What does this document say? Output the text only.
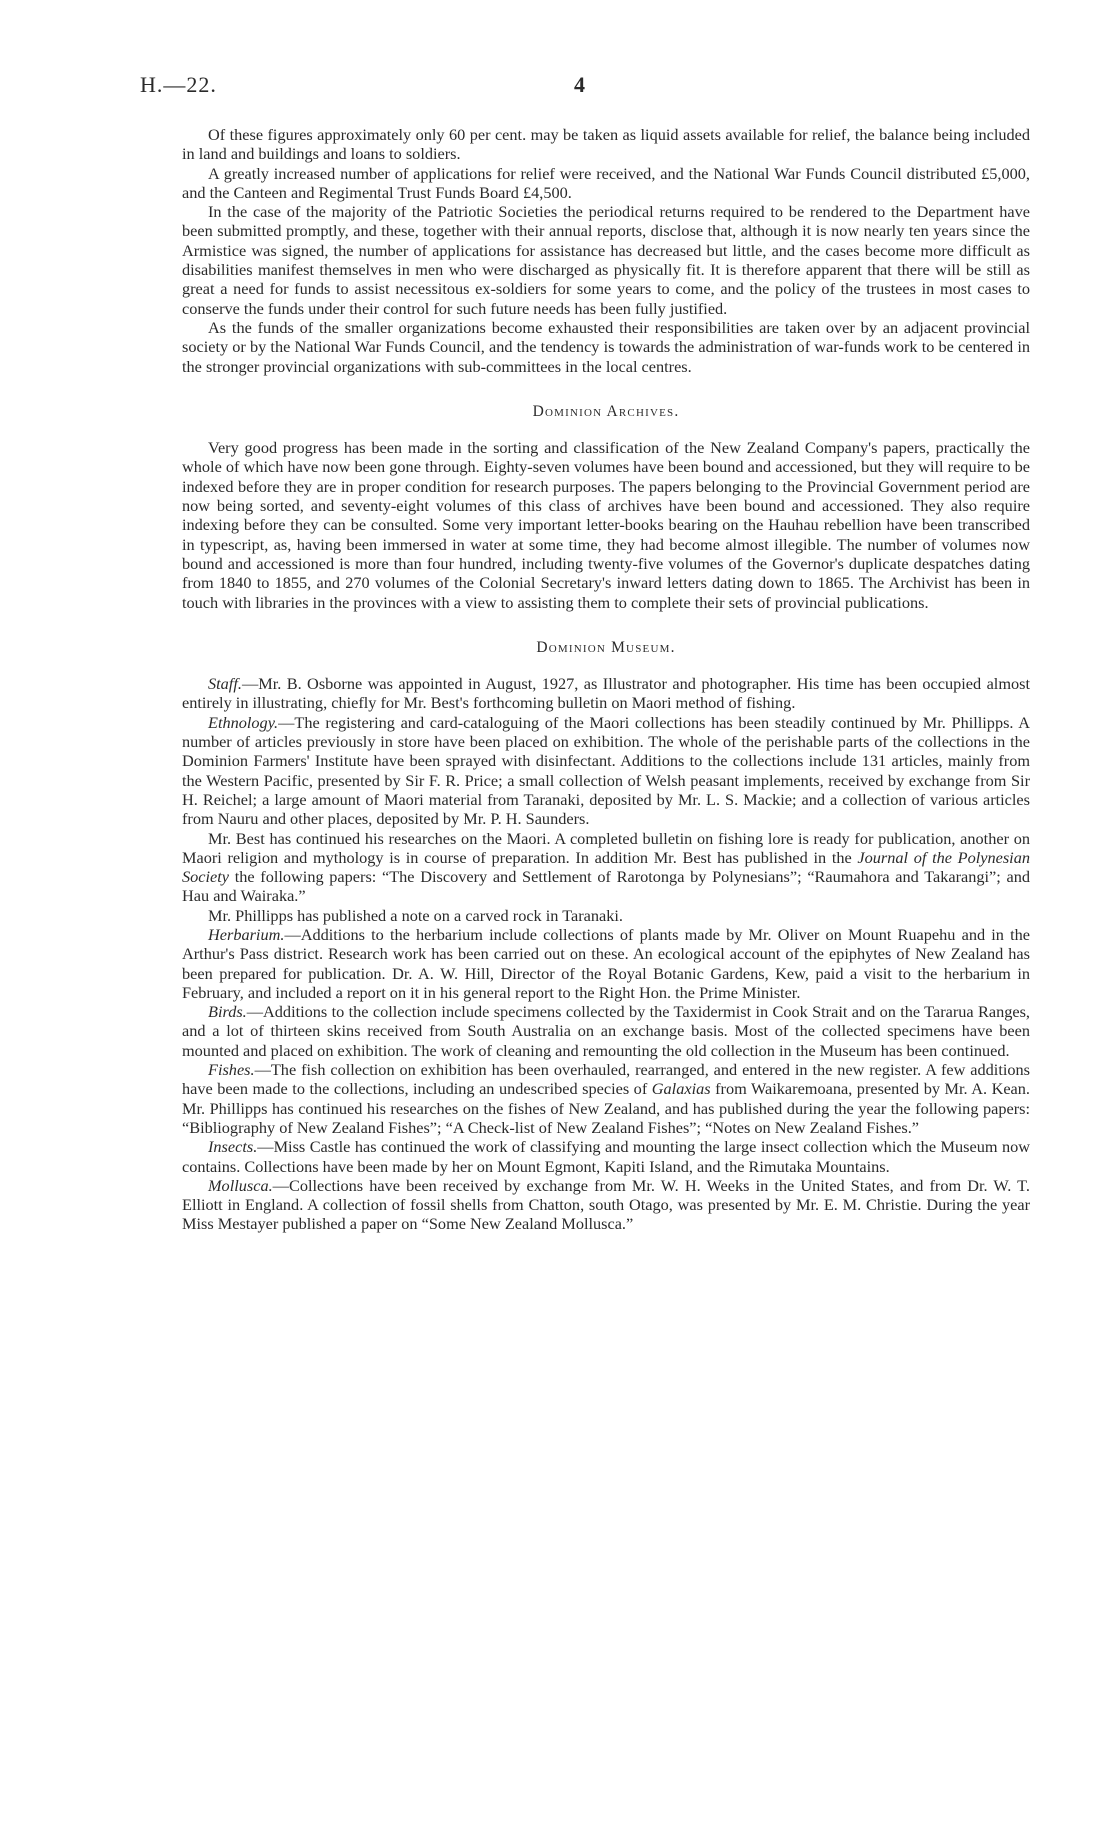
H.—22.	4

Of these figures approximately only 60 per cent. may be taken as liquid assets available for relief, the balance being included in land and buildings and loans to soldiers.

A greatly increased number of applications for relief were received, and the National War Funds Council distributed £5,000, and the Canteen and Regimental Trust Funds Board £4,500.

In the case of the majority of the Patriotic Societies the periodical returns required to be rendered to the Department have been submitted promptly, and these, together with their annual reports, disclose that, although it is now nearly ten years since the Armistice was signed, the number of applications for assistance has decreased but little, and the cases become more difficult as disabilities manifest themselves in men who were discharged as physically fit. It is therefore apparent that there will be still as great a need for funds to assist necessitous ex-soldiers for some years to come, and the policy of the trustees in most cases to conserve the funds under their control for such future needs has been fully justified.

As the funds of the smaller organizations become exhausted their responsibilities are taken over by an adjacent provincial society or by the National War Funds Council, and the tendency is towards the administration of war-funds work to be centered in the stronger provincial organizations with sub-committees in the local centres.

Dominion Archives.

Very good progress has been made in the sorting and classification of the New Zealand Company's papers, practically the whole of which have now been gone through. Eighty-seven volumes have been bound and accessioned, but they will require to be indexed before they are in proper condition for research purposes. The papers belonging to the Provincial Government period are now being sorted, and seventy-eight volumes of this class of archives have been bound and accessioned. They also require indexing before they can be consulted. Some very important letter-books bearing on the Hauhau rebellion have been transcribed in typescript, as, having been immersed in water at some time, they had become almost illegible. The number of volumes now bound and accessioned is more than four hundred, including twenty-five volumes of the Governor's duplicate despatches dating from 1840 to 1855, and 270 volumes of the Colonial Secretary's inward letters dating down to 1865. The Archivist has been in touch with libraries in the provinces with a view to assisting them to complete their sets of provincial publications.

Dominion Museum.

Staff.—Mr. B. Osborne was appointed in August, 1927, as Illustrator and photographer. His time has been occupied almost entirely in illustrating, chiefly for Mr. Best's forthcoming bulletin on Maori method of fishing.

Ethnology.—The registering and card-cataloguing of the Maori collections has been steadily continued by Mr. Phillipps. A number of articles previously in store have been placed on exhibition. The whole of the perishable parts of the collections in the Dominion Farmers' Institute have been sprayed with disinfectant. Additions to the collections include 131 articles, mainly from the Western Pacific, presented by Sir F. R. Price; a small collection of Welsh peasant implements, received by exchange from Sir H. Reichel; a large amount of Maori material from Taranaki, deposited by Mr. L. S. Mackie; and a collection of various articles from Nauru and other places, deposited by Mr. P. H. Saunders.

Mr. Best has continued his researches on the Maori. A completed bulletin on fishing lore is ready for publication, another on Maori religion and mythology is in course of preparation. In addition Mr. Best has published in the Journal of the Polynesian Society the following papers: “The Discovery and Settlement of Rarotonga by Polynesians”; “Raumahora and Takarangi”; and Hau and Wairaka.”

Mr. Phillipps has published a note on a carved rock in Taranaki.

Herbarium.—Additions to the herbarium include collections of plants made by Mr. Oliver on Mount Ruapehu and in the Arthur's Pass district. Research work has been carried out on these. An ecological account of the epiphytes of New Zealand has been prepared for publication. Dr. A. W. Hill, Director of the Royal Botanic Gardens, Kew, paid a visit to the herbarium in February, and included a report on it in his general report to the Right Hon. the Prime Minister.

Birds.—Additions to the collection include specimens collected by the Taxidermist in Cook Strait and on the Tararua Ranges, and a lot of thirteen skins received from South Australia on an exchange basis. Most of the collected specimens have been mounted and placed on exhibition. The work of cleaning and remounting the old collection in the Museum has been continued.

Fishes.—The fish collection on exhibition has been overhauled, rearranged, and entered in the new register. A few additions have been made to the collections, including an undescribed species of Galaxias from Waikaremoana, presented by Mr. A. Kean. Mr. Phillipps has continued his researches on the fishes of New Zealand, and has published during the year the following papers: “Bibliography of New Zealand Fishes”; “A Check-list of New Zealand Fishes”; “Notes on New Zealand Fishes.”

Insects.—Miss Castle has continued the work of classifying and mounting the large insect collection which the Museum now contains. Collections have been made by her on Mount Egmont, Kapiti Island, and the Rimutaka Mountains.

Mollusca.—Collections have been received by exchange from Mr. W. H. Weeks in the United States, and from Dr. W. T. Elliott in England. A collection of fossil shells from Chatton, south Otago, was presented by Mr. E. M. Christie. During the year Miss Mestayer published a paper on “Some New Zealand Mollusca.”
